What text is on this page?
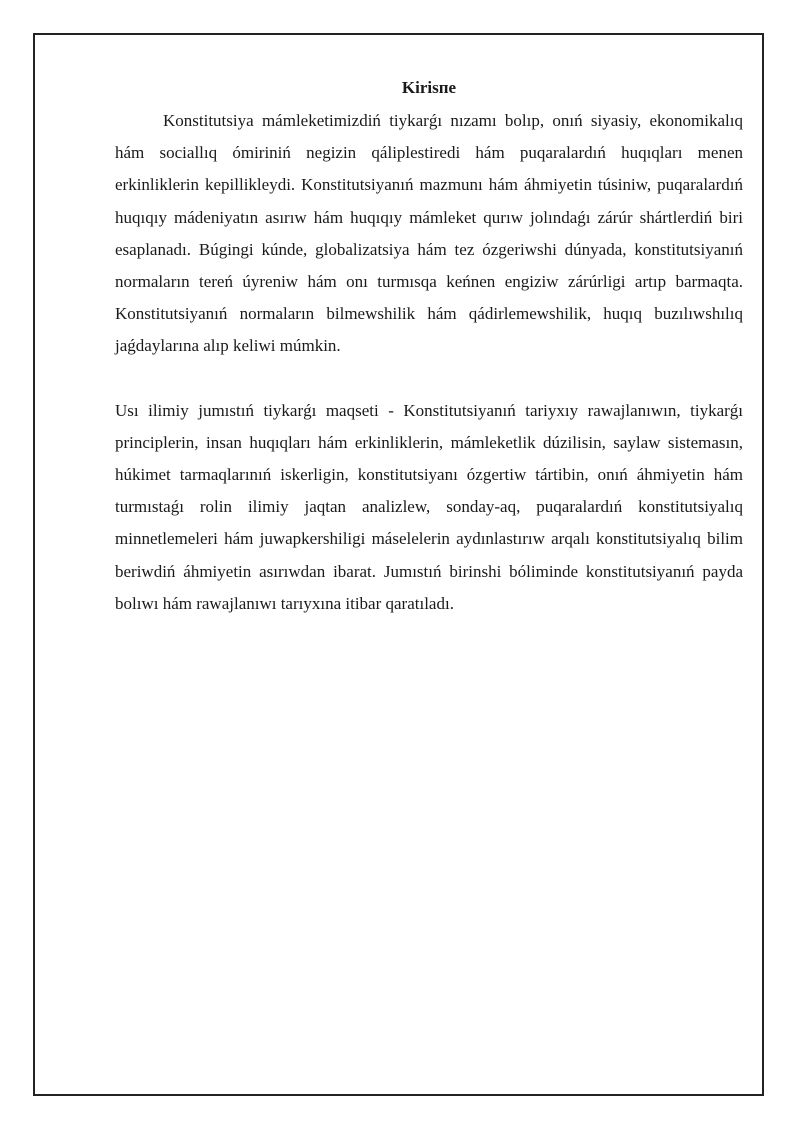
Kirisпе

Konstitutsiya mámleketimizdiń tiykarǵı nızamı bolıp, onıń siyasiy, ekonomikalıq hám sociallıq ómiriniń negizin qáliplestiredi hám puqaralardıń huqıqları menen erkinliklerin kepillikleydi. Konstitutsiyanıń mazmunı hám áhmiyetin túsiniw, puqaralardıń huqıqıy mádeniyatın asırıw hám huqıqıy mámleket qurıw jolındaǵı zárúr shártlerdiń biri esaplanadı. Búgingi kúnde, globalizatsiya hám tez ózgeriwshi dúnyada, konstitutsiyanıń normaların tereń úyreniw hám onı turmısqa keńnen engiziw zárúrligi artıp barmaqta. Konstitutsiyanıń normaların bilmewshilik hám qádirlemewshilik, huqıq buzılıwshılıq jaǵdaylarına alıp keliwi múmkin.

Usı ilimiy jumıstıń tiykarǵı maqseti - Konstitutsiyanıń tariyxıy rawajlanıwın, tiykarǵı principlerin, insan huqıqları hám erkinliklerin, mámleketlik dúzilisin, saylaw sistemasın, húkimet tarmaqlarınıń iskerligin, konstitutsiyanı ózgertiw tártibin, onıń áhmiyetin hám turmıstaǵı rolin ilimiy jaqtan analizlew, sonday-aq, puqaralardıń konstitutsiyalıq minnetlemeleri hám juwapkershiligi máselelerin aydınlastırıw arqalı konstitutsiyalıq bilim beriwdiń áhmiyetin asırıwdan ibarat. Jumıstıń birinshi bóliminde konstitutsiyanıń payda bolıwı hám rawajlanıwı tarıyxına itibar qaratıladı.
